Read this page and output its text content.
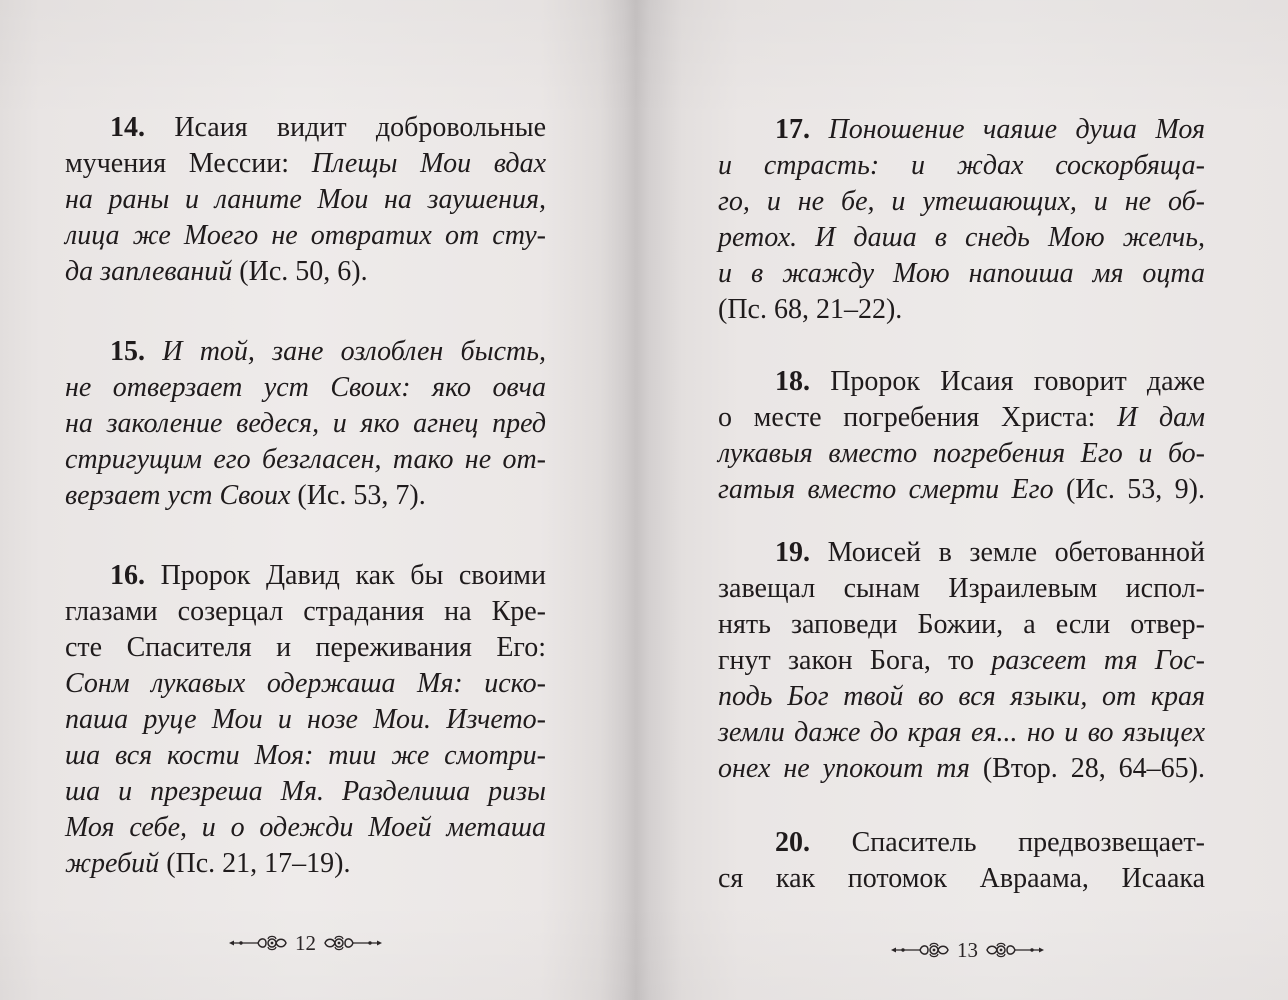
14. Исаия видит добровольные
мучения Мессии: Плещы Мои вдах
на раны и ланите Мои на заушения,
лица же Моего не отвратих от сту-
да заплеваний (Ис. 50, 6).
15. И той, зане озлоблен бысть,
не отверзает уст Своих: яко овча
на заколение ведеся, и яко агнец пред
стригущим его безгласен, тако не от-
верзает уст Своих (Ис. 53, 7).
16. Пророк Давид как бы своими
глазами созерцал страдания на Кре-
сте Спасителя и переживания Его:
Сонм лукавых одержаша Мя: иско-
паша руце Мои и нозе Мои. Изчето-
ша вся кости Моя: тии же смотри-
ша и презреша Мя. Разделиша ризы
Моя себе, и о одежди Моей меташа
жребий (Пс. 21, 17–19).
12
17. Поношение чаяше душа Моя
и страсть: и ждах соскорбяща-
го, и не бе, и утешающих, и не об-
ретох. И даша в снедь Мою желчь,
и в жажду Мою напоиша мя оцта
(Пс. 68, 21–22).
18. Пророк Исаия говорит даже
о месте погребения Христа: И дам
лукавыя вместо погребения Его и бо-
гатыя вместо смерти Его (Ис. 53, 9).
19. Моисей в земле обетованной
завещал сынам Израилевым испол-
нять заповеди Божии, а если отвер-
гнут закон Бога, то разсеет тя Гос-
подь Бог твой во вся языки, от края
земли даже до края ея... но и во языцех
онех не упокоит тя (Втор. 28, 64–65).
20. Спаситель предвозвещает-
ся как потомок Авраама, Исаака
13
